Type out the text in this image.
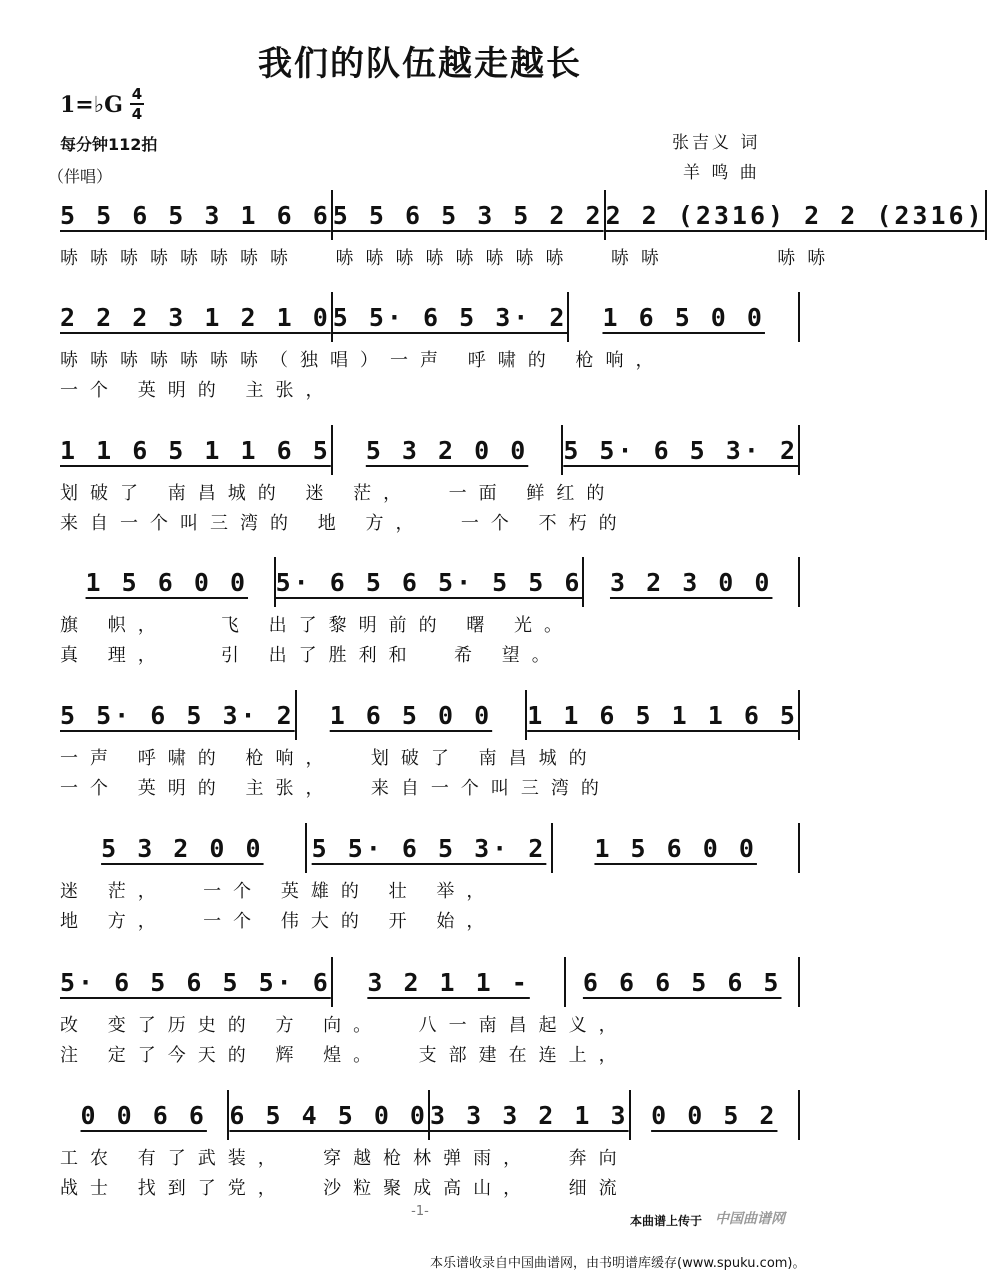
我们的队伍越走越长
1=♭G 4
4
每分钟112拍	张吉义 词
羊 鸣 曲
（伴唱）
5 5 6 5 3 1 6 6 5 5 6 5 3 5 2 2 2 2 (2316) 2 2 (2316)
哧哧哧哧哧哧哧哧  哧哧哧哧哧哧哧哧  哧哧      哧哧
2 2 2 3 1 2 1 0 5 5· 6 5 3· 2 1 6 5 0 0
哧哧哧哧哧哧哧（独唱）一声 呼啸的 枪响，
一个 英明的 主张，
1 1 6 5 1 1 6 5 5 3 2 0 0 5 5· 6 5 3· 2
划破了 南昌城的 迷 茫，  一面 鲜红的
来自一个叫三湾的 地 方，  一个 不朽的
1 5 6 0 0 5· 6 5 6 5· 5 5 6 3 2 3 0 0
旗 帜，   飞 出了黎明前的 曙 光。
真 理，   引 出了胜利和  希 望。
5 5· 6 5 3· 2 1 6 5 0 0 1 1 6 5 1 1 6 5
一声 呼啸的 枪响，  划破了 南昌城的
一个 英明的 主张，  来自一个叫三湾的
5 3 2 0 0 5 5· 6 5 3· 2 1 5 6 0 0
迷 茫，  一个 英雄的 壮 举，
地 方，  一个 伟大的 开 始，
5· 6 5 6 5 5· 6 3 2 1 1 - 6 6 6 5 6 5
改 变了历史的 方 向。  八一南昌起义，
注 定了今天的 辉 煌。  支部建在连上，
0 0 6 6 6 5 4 5 0 0 3 3 3 2 1 3 0 0 5 2
工农 有了武装，  穿越枪林弹雨，  奔向
战士 找到了党，  沙粒聚成高山，  细流
-1-
本曲谱上传于 中国曲谱网
本乐谱收录自中国曲谱网，由书明谱库缓存(www.spuku.com)。
